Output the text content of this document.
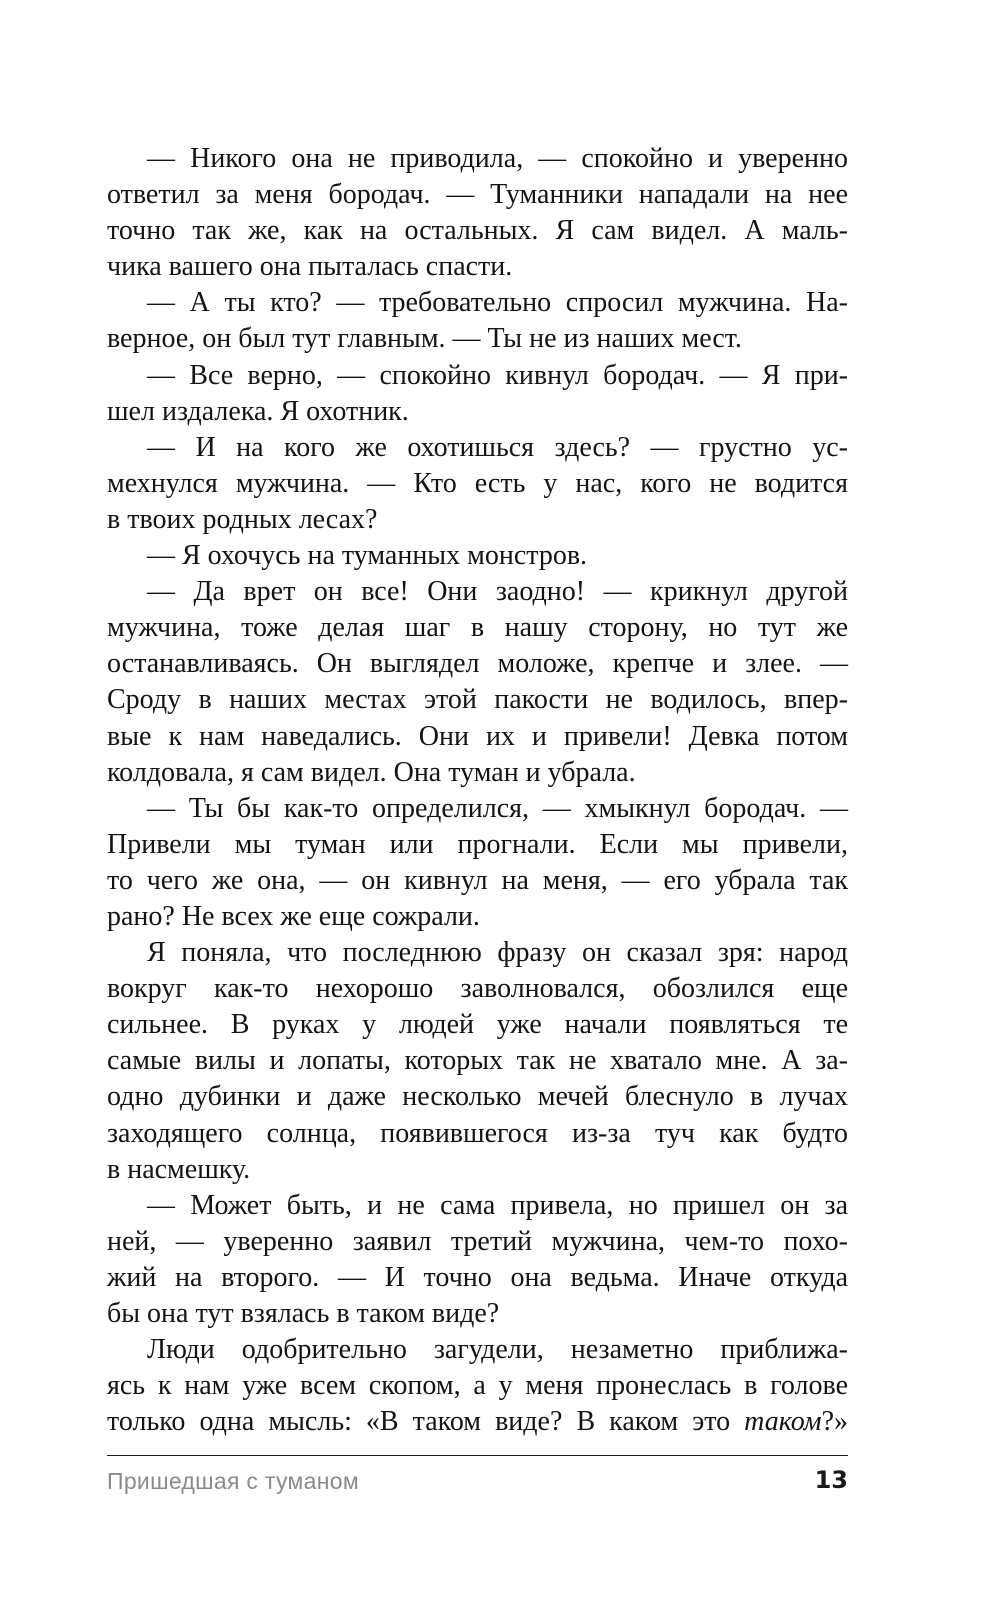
— Никого она не приводила, — спокойно и уверенно
ответил за меня бородач. — Туманники нападали на нее
точно так же, как на остальных. Я сам видел. А маль-
чика вашего она пыталась спасти.
— А ты кто? — требовательно спросил мужчина. На-
верное, он был тут главным. — Ты не из наших мест.
— Все верно, — спокойно кивнул бородач. — Я при-
шел издалека. Я охотник.
— И на кого же охотишься здесь? — грустно ус-
мехнулся мужчина. — Кто есть у нас, кого не водится
в твоих родных лесах?
— Я охочусь на туманных монстров.
— Да врет он все! Они заодно! — крикнул другой
мужчина, тоже делая шаг в нашу сторону, но тут же
останавливаясь. Он выглядел моложе, крепче и злее. —
Сроду в наших местах этой пакости не водилось, впер-
вые к нам наведались. Они их и привели! Девка потом
колдовала, я сам видел. Она туман и убрала.
— Ты бы как-то определился, — хмыкнул бородач. —
Привели мы туман или прогнали. Если мы привели,
то чего же она, — он кивнул на меня, — его убрала так
рано? Не всех же еще сожрали.
Я поняла, что последнюю фразу он сказал зря: народ
вокруг как-то нехорошо заволновался, обозлился еще
сильнее. В руках у людей уже начали появляться те
самые вилы и лопаты, которых так не хватало мне. А за-
одно дубинки и даже несколько мечей блеснуло в лучах
заходящего солнца, появившегося из-за туч как будто
в насмешку.
— Может быть, и не сама привела, но пришел он за
ней, — уверенно заявил третий мужчина, чем-то похо-
жий на второго. — И точно она ведьма. Иначе откуда
бы она тут взялась в таком виде?
Люди одобрительно загудели, незаметно приближа-
ясь к нам уже всем скопом, а у меня пронеслась в голове
только одна мысль: «В таком виде? В каком это таком?»
Пришедшая с туманом	13
